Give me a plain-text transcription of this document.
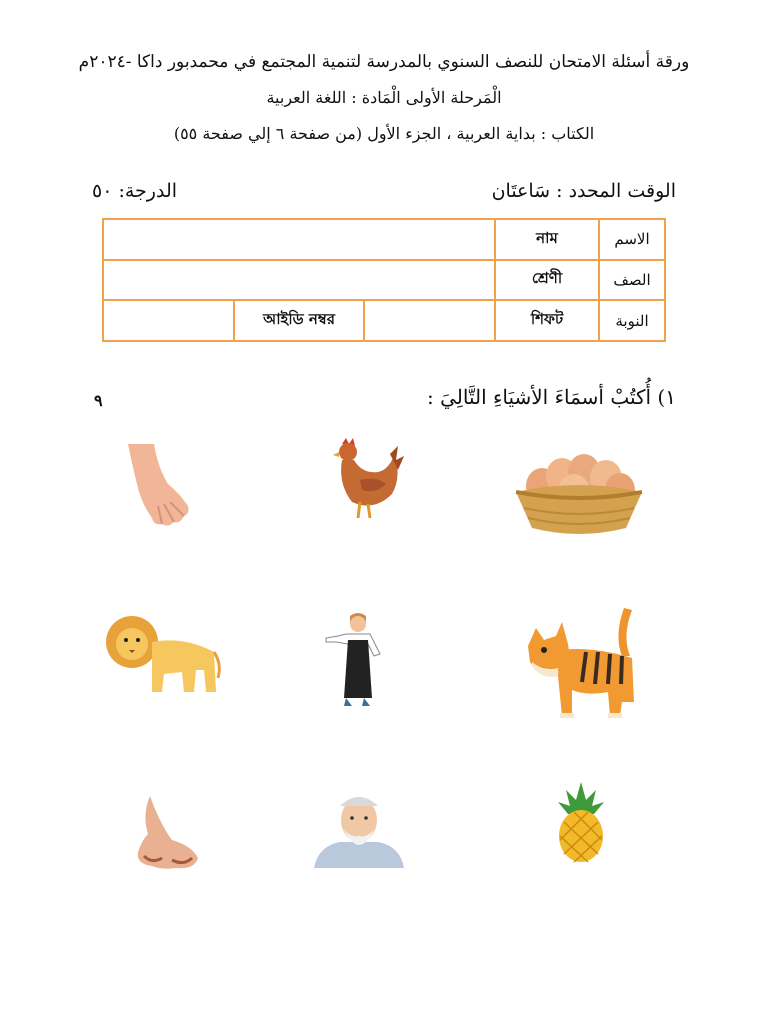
ورقة أسئلة الامتحان للنصف السنوي بالمدرسة لتنمية المجتمع في محمدبور داكا -٢٠٢٤م
الْمَرحلة الأولى الْمَادة : اللغة العربية
الكتاب : بداية العربية ، الجزء الأول (من صفحة ٦ إلي صفحة ٥٥)
الوقت المحدد : سَاعتَان
الدرجة: ٥٠
الاسم	নাম			
الصف	শ্রেণী			
النوبة	শিফট		আইডি নম্বর	
١) أُكتُبْ أسمَاءَ الأشيَاءِ التَّالِيَ :
٩
